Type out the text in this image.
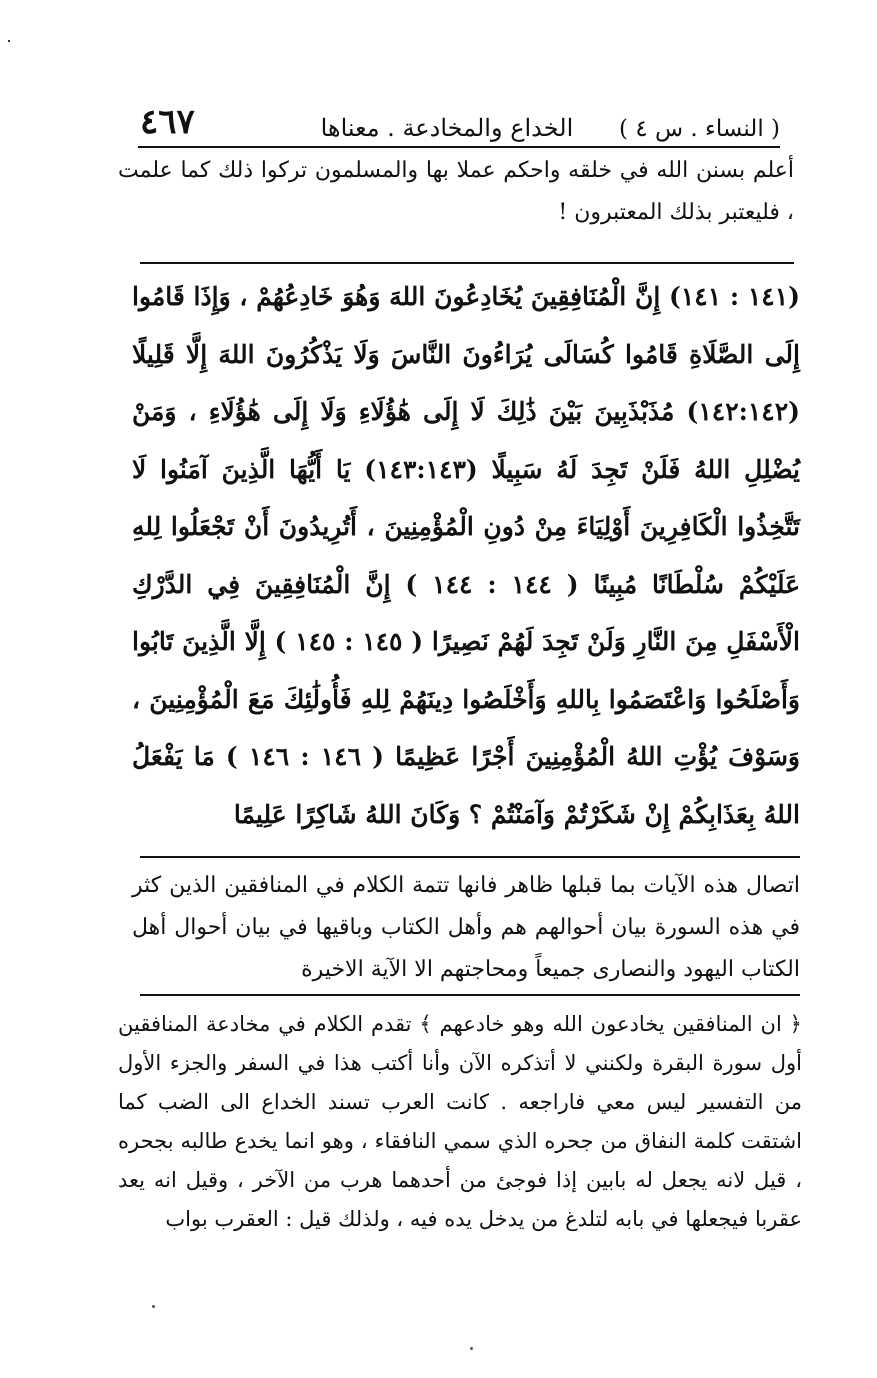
( النساء . س ٤ )
الخداع والمخادعة . معناها
٤٦٧

أعلم بسنن الله في خلقه واحكم عملا بها والمسلمون تركوا ذلك كما علمت ، فليعتبر بذلك المعتبرون !

(١٤١ : ١٤١) إِنَّ الْمُنَافِقِينَ يُخَادِعُونَ اللهَ وَهُوَ خَادِعُهُمْ ، وَإِذَا قَامُوا إِلَى الصَّلَاةِ قَامُوا كُسَالَى يُرَاءُونَ النَّاسَ وَلَا يَذْكُرُونَ اللهَ إِلَّا قَلِيلًا (١٤٢:١٤٢) مُذَبْذَبِينَ بَيْنَ ذَٰلِكَ لَا إِلَى هَٰؤُلَاءِ وَلَا إِلَى هَٰؤُلَاءِ ، وَمَنْ يُضْلِلِ اللهُ فَلَنْ تَجِدَ لَهُ سَبِيلًا (١٤٣:١٤٣) يَا أَيُّهَا الَّذِينَ آمَنُوا لَا تَتَّخِذُوا الْكَافِرِينَ أَوْلِيَاءَ مِنْ دُونِ الْمُؤْمِنِينَ ، أَتُرِيدُونَ أَنْ تَجْعَلُوا لِلهِ عَلَيْكُمْ سُلْطَانًا مُبِينًا ( ١٤٤ : ١٤٤ ) إِنَّ الْمُنَافِقِينَ فِي الدَّرْكِ الْأَسْفَلِ مِنَ النَّارِ وَلَنْ تَجِدَ لَهُمْ نَصِيرًا ( ١٤٥ : ١٤٥ ) إِلَّا الَّذِينَ تَابُوا وَأَصْلَحُوا وَاعْتَصَمُوا بِاللهِ وَأَخْلَصُوا دِينَهُمْ لِلهِ فَأُولَٰئِكَ مَعَ الْمُؤْمِنِينَ ، وَسَوْفَ يُؤْتِ اللهُ الْمُؤْمِنِينَ أَجْرًا عَظِيمًا ( ١٤٦ : ١٤٦ ) مَا يَفْعَلُ اللهُ بِعَذَابِكُمْ إِنْ شَكَرْتُمْ وَآمَنْتُمْ ؟ وَكَانَ اللهُ شَاكِرًا عَلِيمًا

اتصال هذه الآيات بما قبلها ظاهر فانها تتمة الكلام في المنافقين الذين كثر في هذه السورة بيان أحوالهم هم وأهل الكتاب وباقيها في بيان أحوال أهل الكتاب اليهود والنصارى جميعاً ومحاجتهم الا الآية الاخيرة

﴿ ان المنافقين يخادعون الله وهو خادعهم ﴾ تقدم الكلام في مخادعة المنافقين أول سورة البقرة ولكنني لا أتذكره الآن وأنا أكتب هذا في السفر والجزء الأول من التفسير ليس معي فاراجعه . كانت العرب تسند الخداع الى الضب كما اشتقت كلمة النفاق من جحره الذي سمي النافقاء ، وهو انما يخدع طالبه بجحره ، قيل لانه يجعل له بابين إذا فوجئ من أحدهما هرب من الآخر ، وقيل انه يعد عقربا فيجعلها في بابه لتلدغ من يدخل يده فيه ، ولذلك قيل : العقرب بواب
